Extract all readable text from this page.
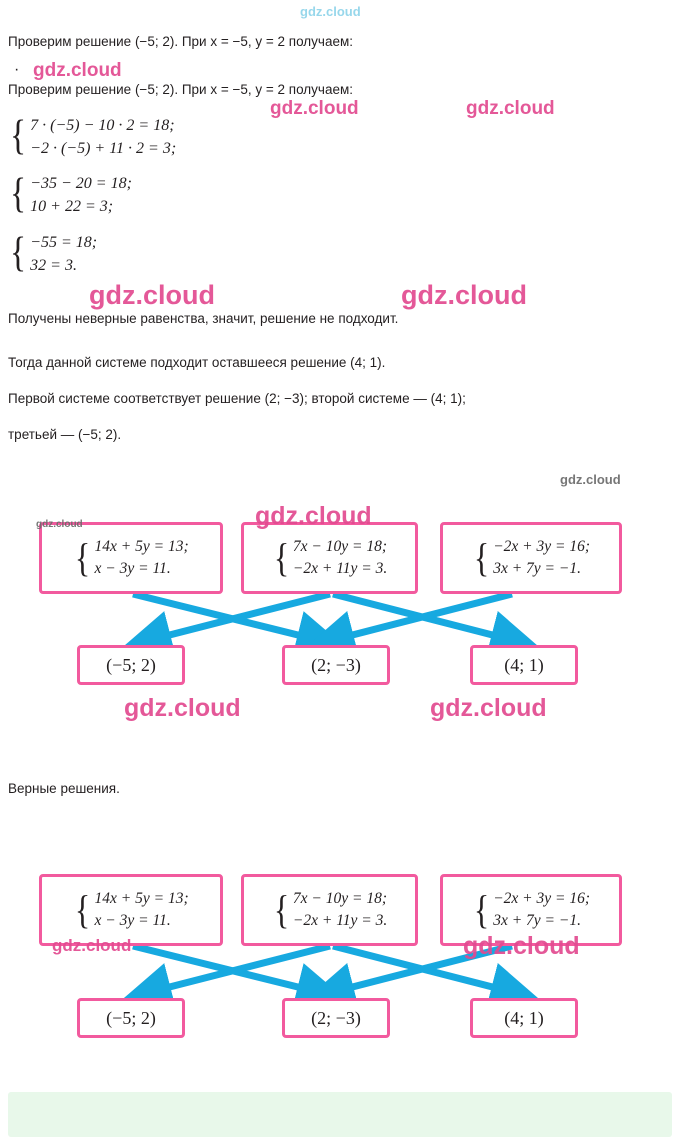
Проверим решение (−5; 2). При x = −5, y = 2 получаем:
·
Проверим решение (−5; 2). При x = −5, y = 2 получаем:
{ 7 · (−5) − 10 · 2 = 18;
−2 · (−5) + 11 · 2 = 3;
{ −35 − 20 = 18;
10 + 22 = 3;
{ −55 = 18;
32 = 3.
Получены неверные равенства, значит, решение не подходит.
Тогда данной системе подходит оставшееся решение (4; 1).
Первой системе соответствует решение (2; −3); второй системе — (4; 1);
третьей — (−5; 2).
{ 14x + 5y = 13;
x − 3y = 11.	{ 7x − 10y = 18;
−2x + 11y = 3. { −2x + 3y = 16;
3x + 7y = −1.
(−5; 2)	(2; −3)	(4; 1)
Верные решения.
{ 14x + 5y = 13;
x − 3y = 11.	{ 7x − 10y = 18;
−2x + 11y = 3. { −2x + 3y = 16;
3x + 7y = −1.
(−5; 2)	(2; −3)	(4; 1)
gdz.cloud
gdz.cloud
gdz.cloud	gdz.cloud
gdz.cloud	gdz.cloud
gdz.cloud
gdz.cloud	gdz.cloud
gdz.cloud	gdz.cloud
gdz.cloud	gdz.cloud
